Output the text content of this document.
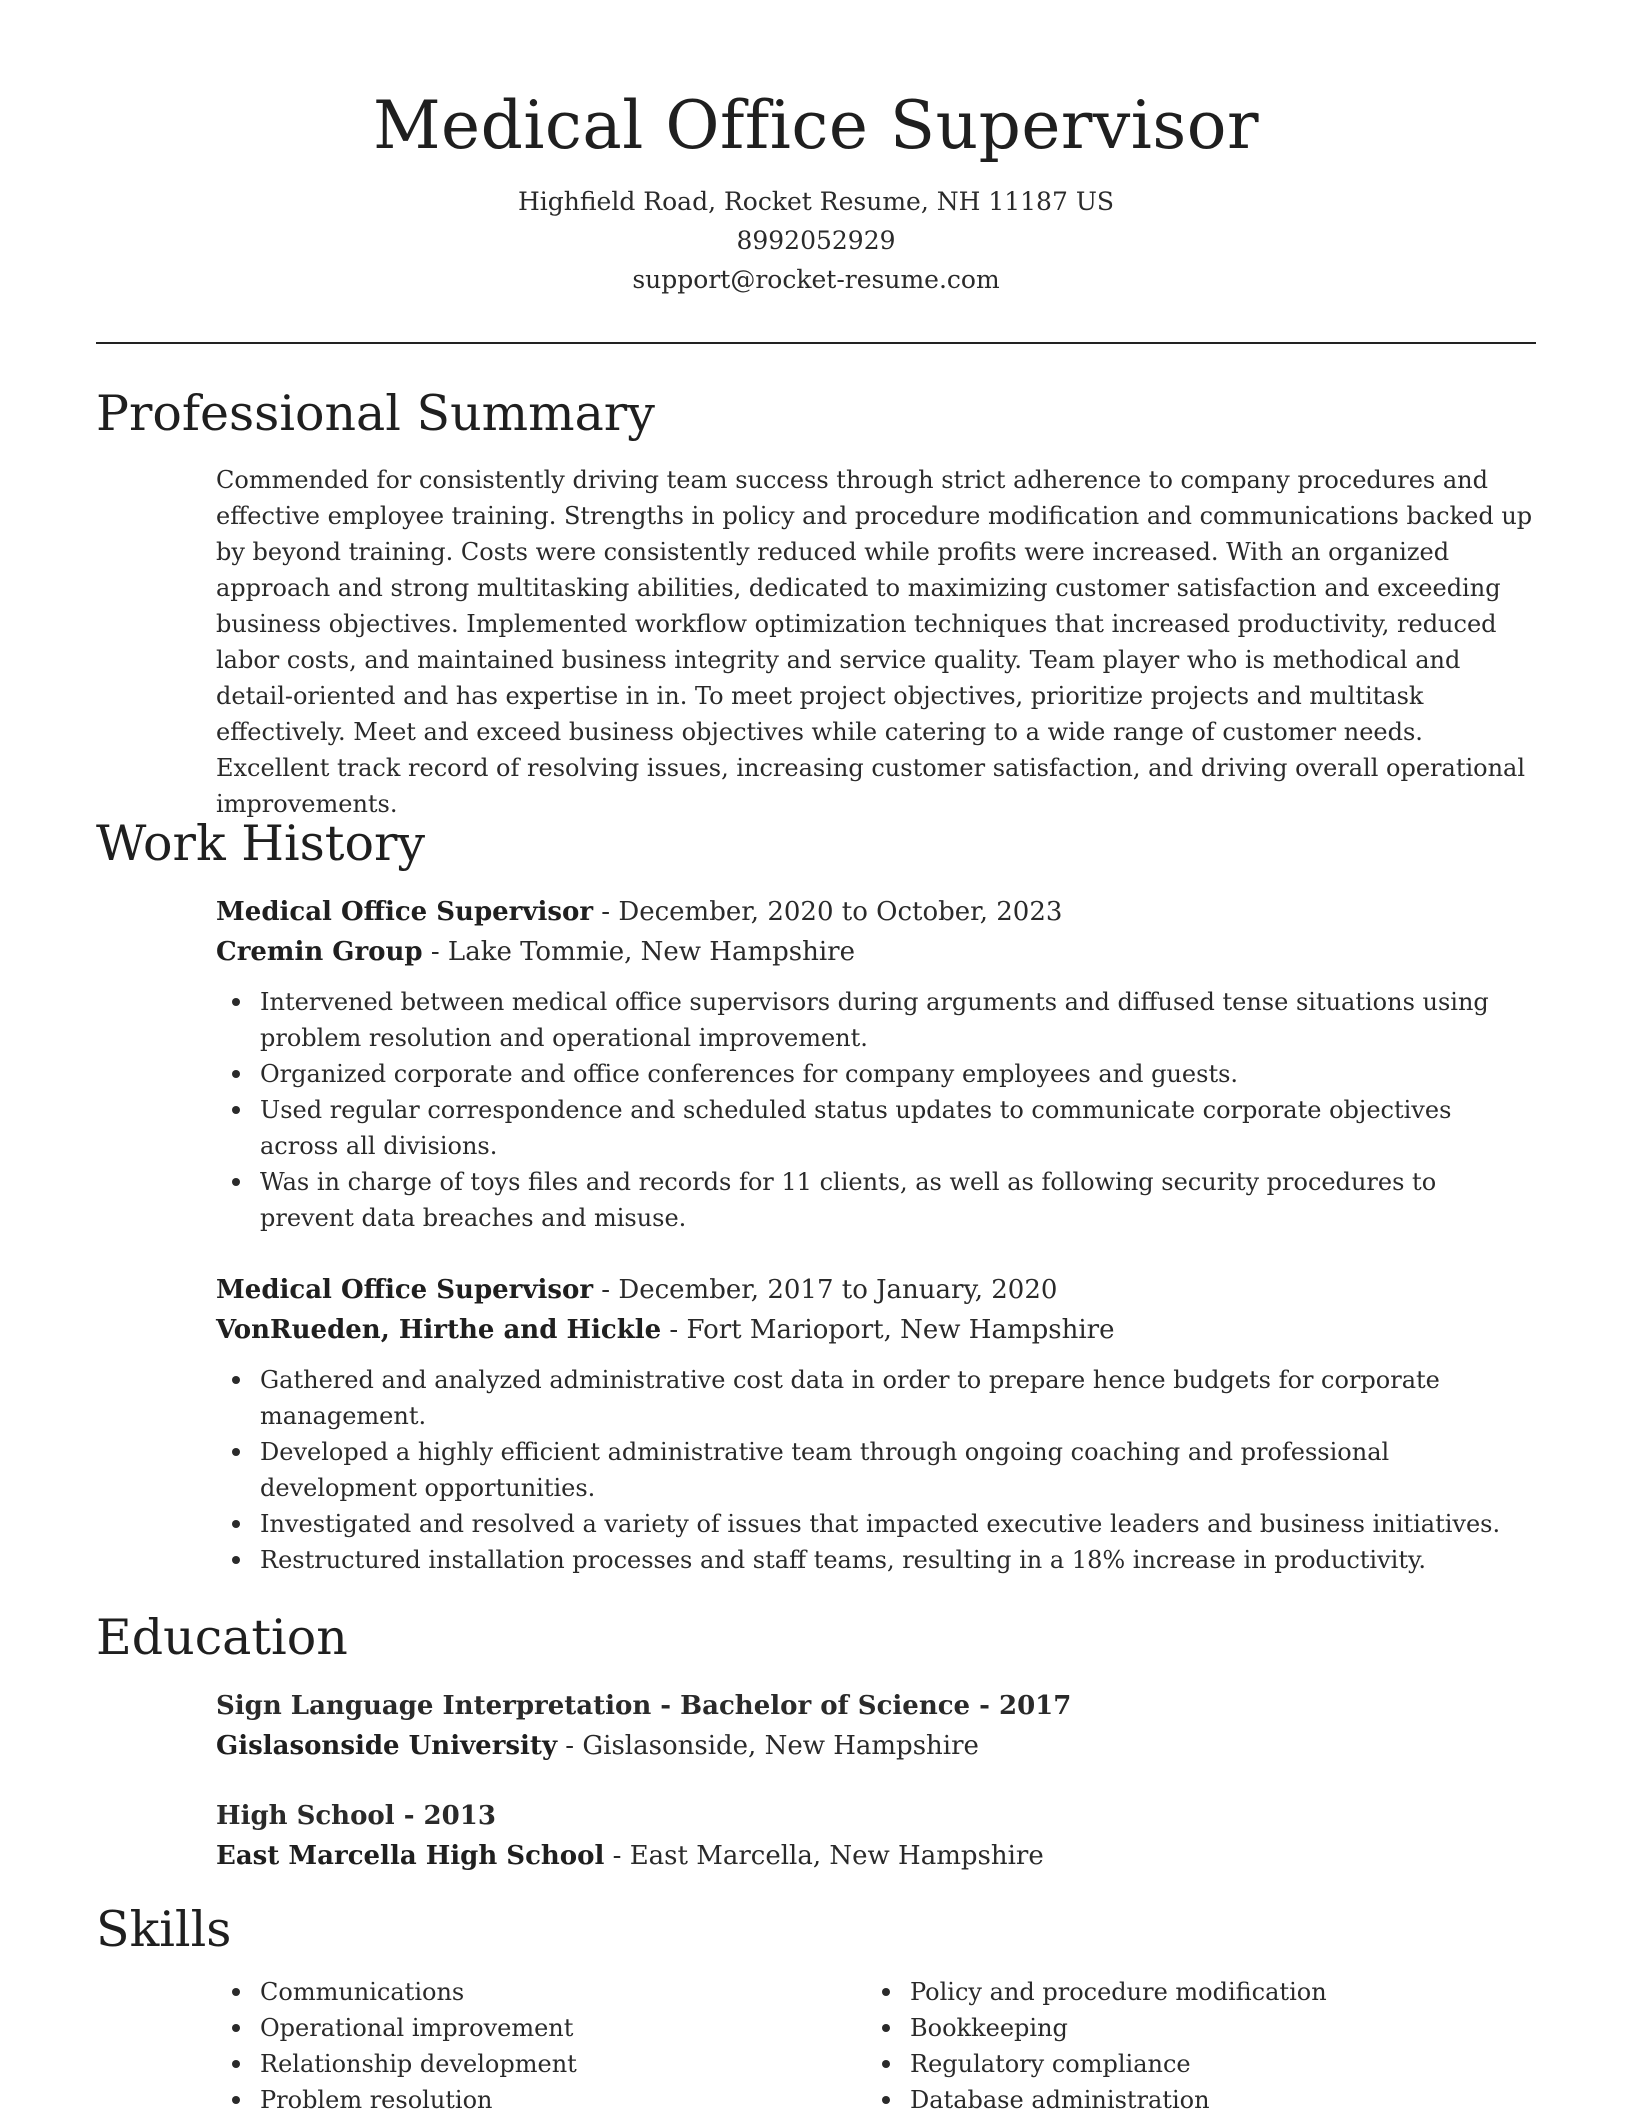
Medical Office Supervisor
Highfield Road, Rocket Resume, NH 11187 US
8992052929
support@rocket-resume.com
Professional Summary

Commended for consistently driving team success through strict adherence to company procedures and effective employee training. Strengths in policy and procedure modification and communications backed up by beyond training. Costs were consistently reduced while profits were increased. With an organized approach and strong multitasking abilities, dedicated to maximizing customer satisfaction and exceeding business objectives. Implemented workflow optimization techniques that increased productivity, reduced labor costs, and maintained business integrity and service quality. Team player who is methodical and detail-oriented and has expertise in in. To meet project objectives, prioritize projects and multitask effectively. Meet and exceed business objectives while catering to a wide range of customer needs. Excellent track record of resolving issues, increasing customer satisfaction, and driving overall operational improvements.

Work History
Medical Office Supervisor - December, 2020 to October, 2023
Cremin Group - Lake Tommie, New Hampshire
Intervened between medical office supervisors during arguments and diffused tense situations using problem resolution and operational improvement.
Organized corporate and office conferences for company employees and guests.
Used regular correspondence and scheduled status updates to communicate corporate objectives across all divisions.
Was in charge of toys files and records for 11 clients, as well as following security procedures to prevent data breaches and misuse.
Medical Office Supervisor - December, 2017 to January, 2020
VonRueden, Hirthe and Hickle - Fort Marioport, New Hampshire
Gathered and analyzed administrative cost data in order to prepare hence budgets for corporate management.
Developed a highly efficient administrative team through ongoing coaching and professional development opportunities.
Investigated and resolved a variety of issues that impacted executive leaders and business initiatives.
Restructured installation processes and staff teams, resulting in a 18% increase in productivity.
Education
Sign Language Interpretation - Bachelor of Science - 2017
Gislasonside University - Gislasonside, New Hampshire
High School - 2013
East Marcella High School - East Marcella, New Hampshire
Skills
Communications
Operational improvement
Relationship development
Problem resolution
Policy and procedure modification
Bookkeeping
Regulatory compliance
Database administration
